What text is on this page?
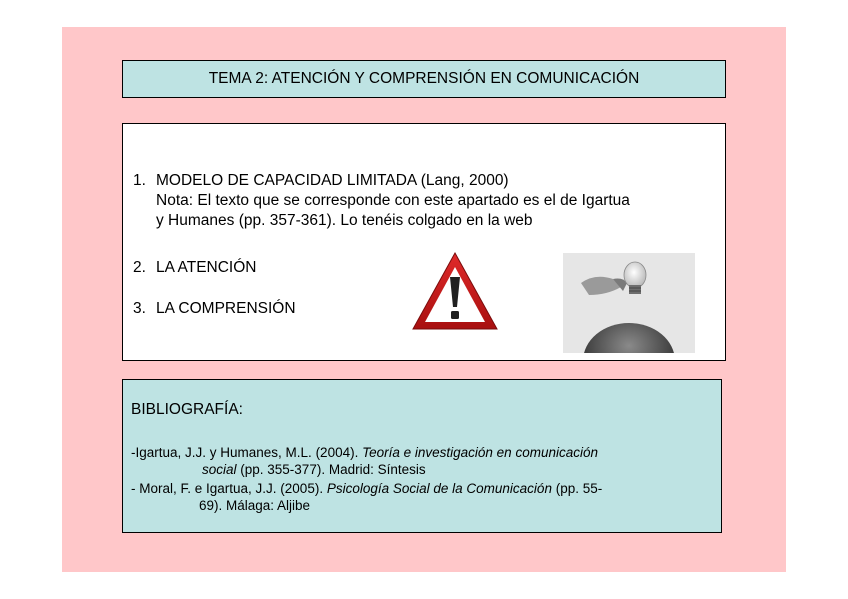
TEMA 2: ATENCIÓN Y COMPRENSIÓN EN COMUNICACIÓN
1. MODELO DE CAPACIDAD LIMITADA (Lang, 2000)
Nota: El texto que se corresponde con este apartado es el de Igartua
y Humanes (pp. 357-361). Lo tenéis colgado en la web
2. LA ATENCIÓN
3. LA COMPRENSIÓN
BIBLIOGRAFÍA:
-Igartua, J.J. y Humanes, M.L. (2004). Teoría e investigación en comunicación
social (pp. 355-377). Madrid: Síntesis
- Moral, F. e Igartua, J.J. (2005). Psicología Social de la Comunicación (pp. 55-
69). Málaga: Aljibe
